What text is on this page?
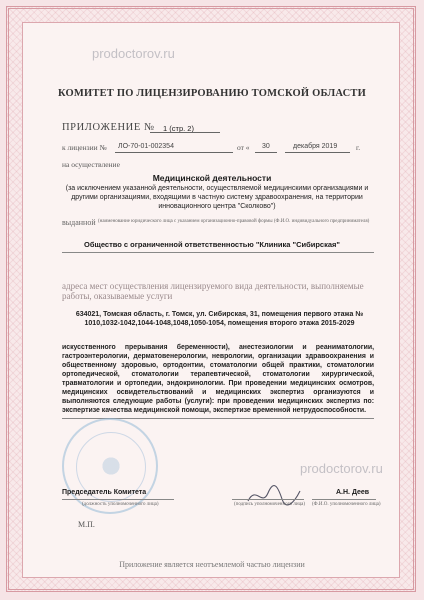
prodoctorov.ru
КОМИТЕТ ПО ЛИЦЕНЗИРОВАНИЮ ТОМСКОЙ ОБЛАСТИ
ПРИЛОЖЕНИЕ № 1 (стр. 2)
к лицензии № ЛО-70-01-002354	от « 30	декабря 2019	г.
на осуществление
Медицинской деятельности
(за исключением указанной деятельности, осуществляемой медицинскими организациями и другими организациями, входящими в частную систему здравоохранения, на территории инновационного центра "Сколково")
выданной (наименование юридического лица с указанием организационно-правовой формы (Ф.И.О. индивидуального предпринимателя)
Общество с ограниченной ответственностью "Клиника "Сибирская"
адреса мест осуществления лицензируемого вида деятельности, выполняемые работы, оказываемые услуги
634021, Томская область, г. Томск, ул. Сибирская, 31, помещения первого этажа № 1010,1032-1042,1044-1048,1048,1050-1054, помещения второго этажа 2015-2029
искусственного прерывания беременности), анестезиологии и реаниматологии, гастроэнтерологии, дерматовенерологии, неврологии, организации здравоохранения и общественному здоровью, ортодонтии, стоматологии общей практики, стоматологии ортопедической, стоматологии терапевтической, стоматологии хирургической, травматологии и ортопедии, эндокринологии. При проведении медицинских осмотров, медицинских освидетельствований и медицинских экспертиз организуются и выполняются следующие работы (услуги): при проведении медицинских экспертиз по: экспертизе качества медицинской помощи, экспертизе временной нетрудоспособности.
Председатель Комитета
(должность уполномоченного лица)	(подпись уполномоченного лица)
А.Н. Деев
(Ф.И.О. уполномоченного лица)
М.П.
prodoctorov.ru
Приложение является неотъемлемой частью лицензии
